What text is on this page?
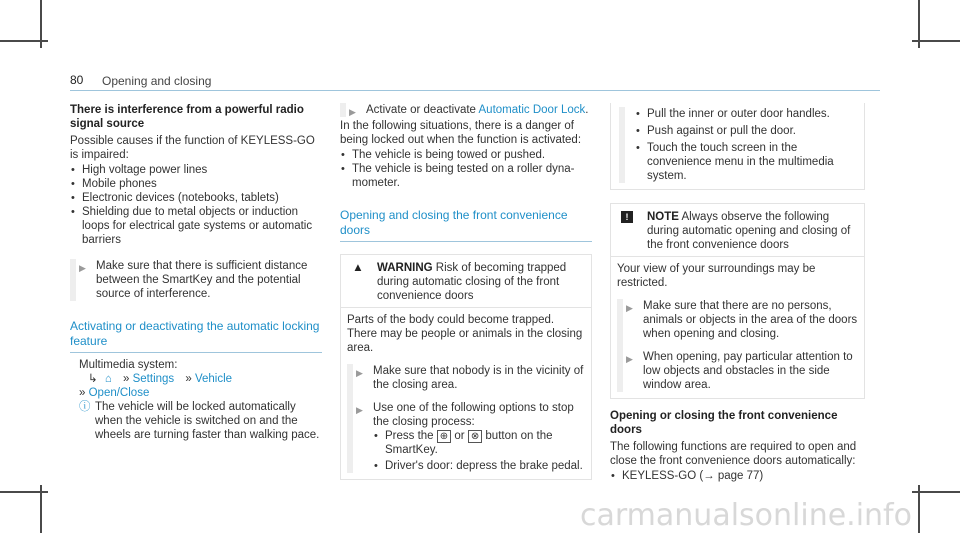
80 Opening and closing
There is interference from a powerful radio signal source
Possible causes if the function of KEYLESS-GO is impaired:
• High voltage power lines
• Mobile phones
• Electronic devices (notebooks, tablets)
• Shielding due to metal objects or induction loops for electrical gate systems or automatic barriers
▶ Make sure that there is sufficient distance between the SmartKey and the potential source of interference.
Activating or deactivating the automatic locking feature
Multimedia system:
↳ ⌂ » Settings » Vehicle
» Open/Close
ⓘ The vehicle will be locked automatically when the vehicle is switched on and the wheels are turning faster than walking pace.
▶ Activate or deactivate Automatic Door Lock.
In the following situations, there is a danger of being locked out when the function is activated:
• The vehicle is being towed or pushed.
• The vehicle is being tested on a roller dyna-mometer.
Opening and closing the front convenience doors
▲ WARNING Risk of becoming trapped during automatic closing of the front convenience doors
Parts of the body could become trapped. There may be people or animals in the closing area.
▶ Make sure that nobody is in the vicinity of the closing area.
▶ Use one of the following options to stop the closing process:
• Press the ⊕ or ⊗ button on the SmartKey.
• Driver's door: depress the brake pedal.
• Pull the inner or outer door handles.
• Push against or pull the door.
• Touch the touch screen in the convenience menu in the multimedia system.
!	NOTE Always observe the following during automatic opening and closing of the front convenience doors
Your view of your surroundings may be restricted.
▶ Make sure that there are no persons, animals or objects in the area of the doors when opening and closing.
▶ When opening, pay particular attention to low objects and obstacles in the side window area.
Opening or closing the front convenience doors
The following functions are required to open and close the front convenience doors automatically:
• KEYLESS-GO (→ page 77)
carmanualsonline.info
